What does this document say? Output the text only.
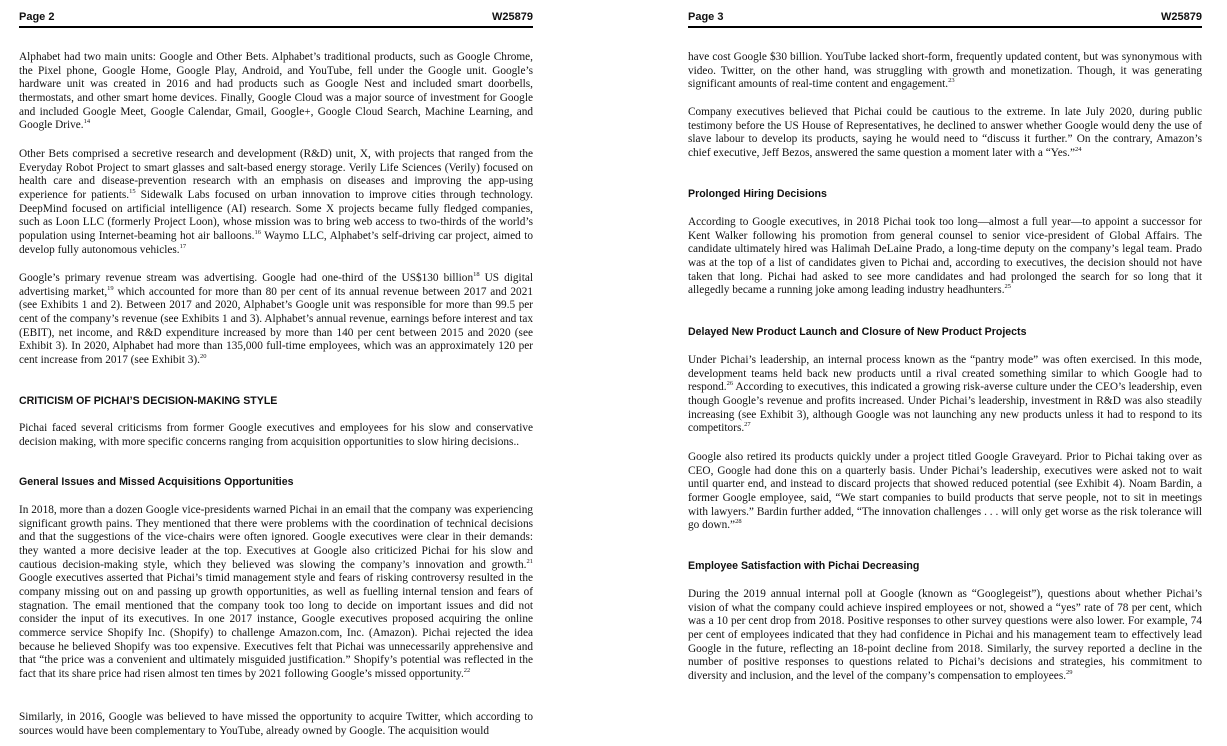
Page 2	W25879

Alphabet had two main units: Google and Other Bets. Alphabet’s traditional products, such as Google Chrome, the Pixel phone, Google Home, Google Play, Android, and YouTube, fell under the Google unit. Google’s hardware unit was created in 2016 and had products such as Google Nest and included smart doorbells, thermostats, and other smart home devices. Finally, Google Cloud was a major source of investment for Google and included Google Meet, Google Calendar, Gmail, Google+, Google Cloud Search, Machine Learning, and Google Drive.$^{14}$

Other Bets comprised a secretive research and development (R&D) unit, X, with projects that ranged from the Everyday Robot Project to smart glasses and salt-based energy storage. Verily Life Sciences (Verily) focused on health care and disease-prevention research with an emphasis on diseases and improving the app-using experience for patients.$^{15}$ Sidewalk Labs focused on urban innovation to improve cities through technology. DeepMind focused on artificial intelligence (AI) research. Some X projects became fully fledged companies, such as Loon LLC (formerly Project Loon), whose mission was to bring web access to two-thirds of the world’s population using Internet-beaming hot air balloons.$^{16}$ Waymo LLC, Alphabet’s self-driving car project, aimed to develop fully autonomous vehicles.$^{17}$

Google’s primary revenue stream was advertising. Google had one-third of the US$130 billion$^{18}$ US digital advertising market,$^{19}$ which accounted for more than 80 per cent of its annual revenue between 2017 and 2021 (see Exhibits 1 and 2). Between 2017 and 2020, Alphabet’s Google unit was responsible for more than 99.5 per cent of the company’s revenue (see Exhibits 1 and 3). Alphabet’s annual revenue, earnings before interest and tax (EBIT), net income, and R&D expenditure increased by more than 140 per cent between 2015 and 2020 (see Exhibit 3). In 2020, Alphabet had more than 135,000 full-time employees, which was an approximately 120 per cent increase from 2017 (see Exhibit 3).$^{20}$

CRITICISM OF PICHAI’S DECISION-MAKING STYLE

Pichai faced several criticisms from former Google executives and employees for his slow and conservative decision making, with more specific concerns ranging from acquisition opportunities to slow hiring decisions..

General Issues and Missed Acquisitions Opportunities

In 2018, more than a dozen Google vice-presidents warned Pichai in an email that the company was experiencing significant growth pains. They mentioned that there were problems with the coordination of technical decisions and that the suggestions of the vice-chairs were often ignored. Google executives were clear in their demands: they wanted a more decisive leader at the top. Executives at Google also criticized Pichai for his slow and cautious decision-making style, which they believed was slowing the company’s innovation and growth.$^{21}$ Google executives asserted that Pichai’s timid management style and fears of risking controversy resulted in the company missing out on and passing up growth opportunities, as well as fuelling internal tension and fears of stagnation. The email mentioned that the company took too long to decide on important issues and did not consider the input of its executives. In one 2017 instance, Google executives proposed acquiring the online commerce service Shopify Inc. (Shopify) to challenge Amazon.com, Inc. (Amazon). Pichai rejected the idea because he believed Shopify was too expensive. Executives felt that Pichai was unnecessarily apprehensive and that “the price was a convenient and ultimately misguided justification.” Shopify’s potential was reflected in the fact that its share price had risen almost ten times by 2021 following Google’s missed opportunity.$^{22}$

Similarly, in 2016, Google was believed to have missed the opportunity to acquire Twitter, which according to sources would have been complementary to YouTube, already owned by Google. The acquisition would

Page 3	W25879

have cost Google $30 billion. YouTube lacked short-form, frequently updated content, but was synonymous with video. Twitter, on the other hand, was struggling with growth and monetization. Though, it was generating significant amounts of real-time content and engagement.$^{23}$

Company executives believed that Pichai could be cautious to the extreme. In late July 2020, during public testimony before the US House of Representatives, he declined to answer whether Google would deny the use of slave labour to develop its products, saying he would need to “discuss it further.” On the contrary, Amazon’s chief executive, Jeff Bezos, answered the same question a moment later with a “Yes.”$^{24}$

Prolonged Hiring Decisions

According to Google executives, in 2018 Pichai took too long—almost a full year—to appoint a successor for Kent Walker following his promotion from general counsel to senior vice-president of Global Affairs. The candidate ultimately hired was Halimah DeLaine Prado, a long-time deputy on the company’s legal team. Prado was at the top of a list of candidates given to Pichai and, according to executives, the decision should not have taken that long. Pichai had asked to see more candidates and had prolonged the search for so long that it allegedly became a running joke among leading industry headhunters.$^{25}$

Delayed New Product Launch and Closure of New Product Projects

Under Pichai’s leadership, an internal process known as the “pantry mode” was often exercised. In this mode, development teams held back new products until a rival created something similar to which Google had to respond.$^{26}$ According to executives, this indicated a growing risk-averse culture under the CEO’s leadership, even though Google’s revenue and profits increased. Under Pichai’s leadership, investment in R&D was also steadily increasing (see Exhibit 3), although Google was not launching any new products unless it had to respond to its competitors.$^{27}$

Google also retired its products quickly under a project titled Google Graveyard. Prior to Pichai taking over as CEO, Google had done this on a quarterly basis. Under Pichai’s leadership, executives were asked not to wait until quarter end, and instead to discard projects that showed reduced potential (see Exhibit 4). Noam Bardin, a former Google employee, said, “We start companies to build products that serve people, not to sit in meetings with lawyers.” Bardin further added, “The innovation challenges . . . will only get worse as the risk tolerance will go down.”$^{28}$

Employee Satisfaction with Pichai Decreasing

During the 2019 annual internal poll at Google (known as “Googlegeist”), questions about whether Pichai’s vision of what the company could achieve inspired employees or not, showed a “yes” rate of 78 per cent, which was a 10 per cent drop from 2018. Positive responses to other survey questions were also lower. For example, 74 per cent of employees indicated that they had confidence in Pichai and his management team to effectively lead Google in the future, reflecting an 18-point decline from 2018. Similarly, the survey reported a decline in the number of positive responses to questions related to Pichai’s decisions and strategies, his commitment to diversity and inclusion, and the level of the company’s compensation to employees.$^{29}$
